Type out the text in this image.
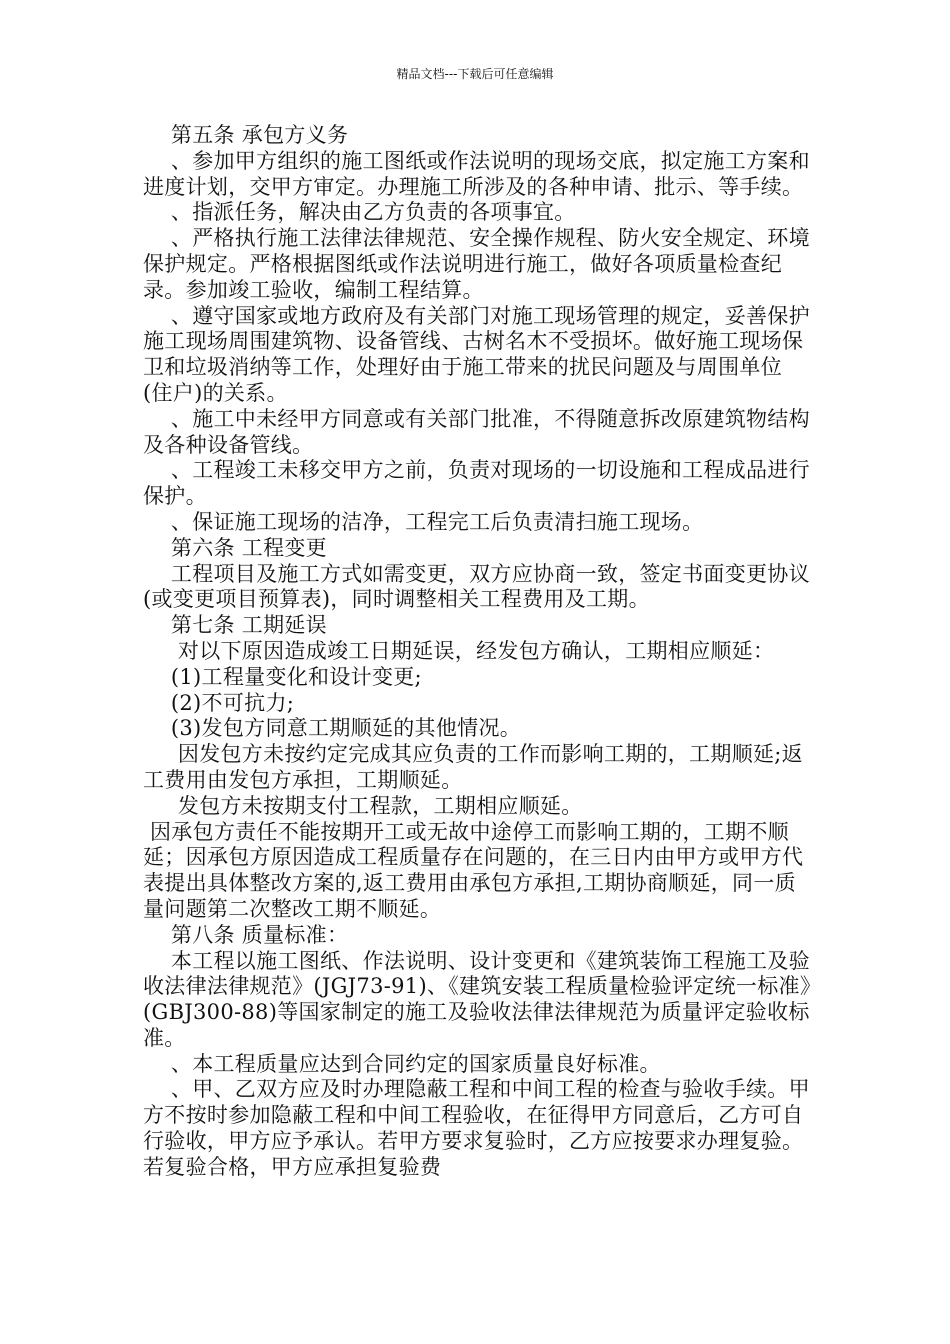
精品文档---下载后可任意编辑

第五条 承包方义务

、参加甲方组织的施工图纸或作法说明的现场交底，拟定施工方案和进度计划，交甲方审定。办理施工所涉及的各种申请、批示、等手续。

、指派任务，解决由乙方负责的各项事宜。

、严格执行施工法律法律规范、安全操作规程、防火安全规定、环境保护规定。严格根据图纸或作法说明进行施工，做好各项质量检查纪录。参加竣工验收，编制工程结算。

、遵守国家或地方政府及有关部门对施工现场管理的规定，妥善保护施工现场周围建筑物、设备管线、古树名木不受损坏。做好施工现场保卫和垃圾消纳等工作，处理好由于施工带来的扰民问题及与周围单位(住户)的关系。

、施工中未经甲方同意或有关部门批准，不得随意拆改原建筑物结构及各种设备管线。

、工程竣工未移交甲方之前，负责对现场的一切设施和工程成品进行保护。

、保证施工现场的洁净，工程完工后负责清扫施工现场。

第六条 工程变更

工程项目及施工方式如需变更，双方应协商一致，签定书面变更协议(或变更项目预算表)，同时调整相关工程费用及工期。

第七条 工期延误

对以下原因造成竣工日期延误，经发包方确认，工期相应顺延：

(1)工程量变化和设计变更;

(2)不可抗力;

(3)发包方同意工期顺延的其他情况。

因发包方未按约定完成其应负责的工作而影响工期的，工期顺延;返工费用由发包方承担，工期顺延。

发包方未按期支付工程款，工期相应顺延。

因承包方责任不能按期开工或无故中途停工而影响工期的，工期不顺延；因承包方原因造成工程质量存在问题的，在三日内由甲方或甲方代表提出具体整改方案的,返工费用由承包方承担,工期协商顺延，同一质量问题第二次整改工期不顺延。

第八条 质量标准：

本工程以施工图纸、作法说明、设计变更和《建筑装饰工程施工及验收法律法律规范》(JGJ73-91)、《建筑安装工程质量检验评定统一标准》(GBJ300-88)等国家制定的施工及验收法律法律规范为质量评定验收标准。

、本工程质量应达到合同约定的国家质量良好标准。

、甲、乙双方应及时办理隐蔽工程和中间工程的检查与验收手续。甲方不按时参加隐蔽工程和中间工程验收，在征得甲方同意后，乙方可自行验收，甲方应予承认。若甲方要求复验时，乙方应按要求办理复验。若复验合格，甲方应承担复验费
